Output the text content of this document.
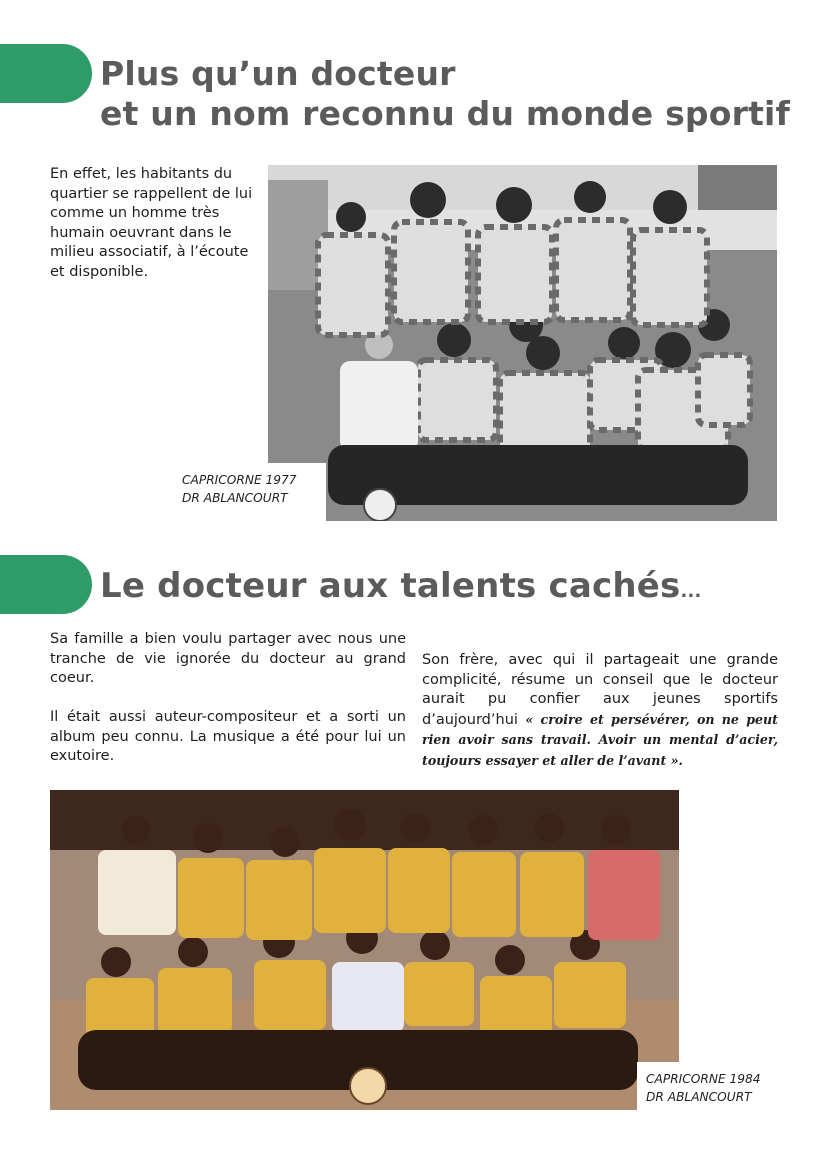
Plus qu’un docteur
et un nom reconnu du monde sportif

En effet, les habitants du quartier se rappellent de lui comme un homme très humain oeuvrant dans le milieu associatif, à l’écoute et disponible.

CAPRICORNE 1977
DR ABLANCOURT
Le docteur aux talents cachés...

Sa famille a bien voulu partager avec nous une tranche de vie ignorée du docteur au grand coeur.

Il était aussi auteur-compositeur et a sorti un album peu connu. La musique a été pour lui un exutoire.

Son frère, avec qui il partageait une grande complicité, résume un conseil que le docteur aurait pu confier aux jeunes sportifs d’aujourd’hui « croire et persévérer, on ne peut rien avoir sans travail. Avoir un mental d’acier, toujours essayer et aller de l’avant ».

CAPRICORNE 1984
DR ABLANCOURT
